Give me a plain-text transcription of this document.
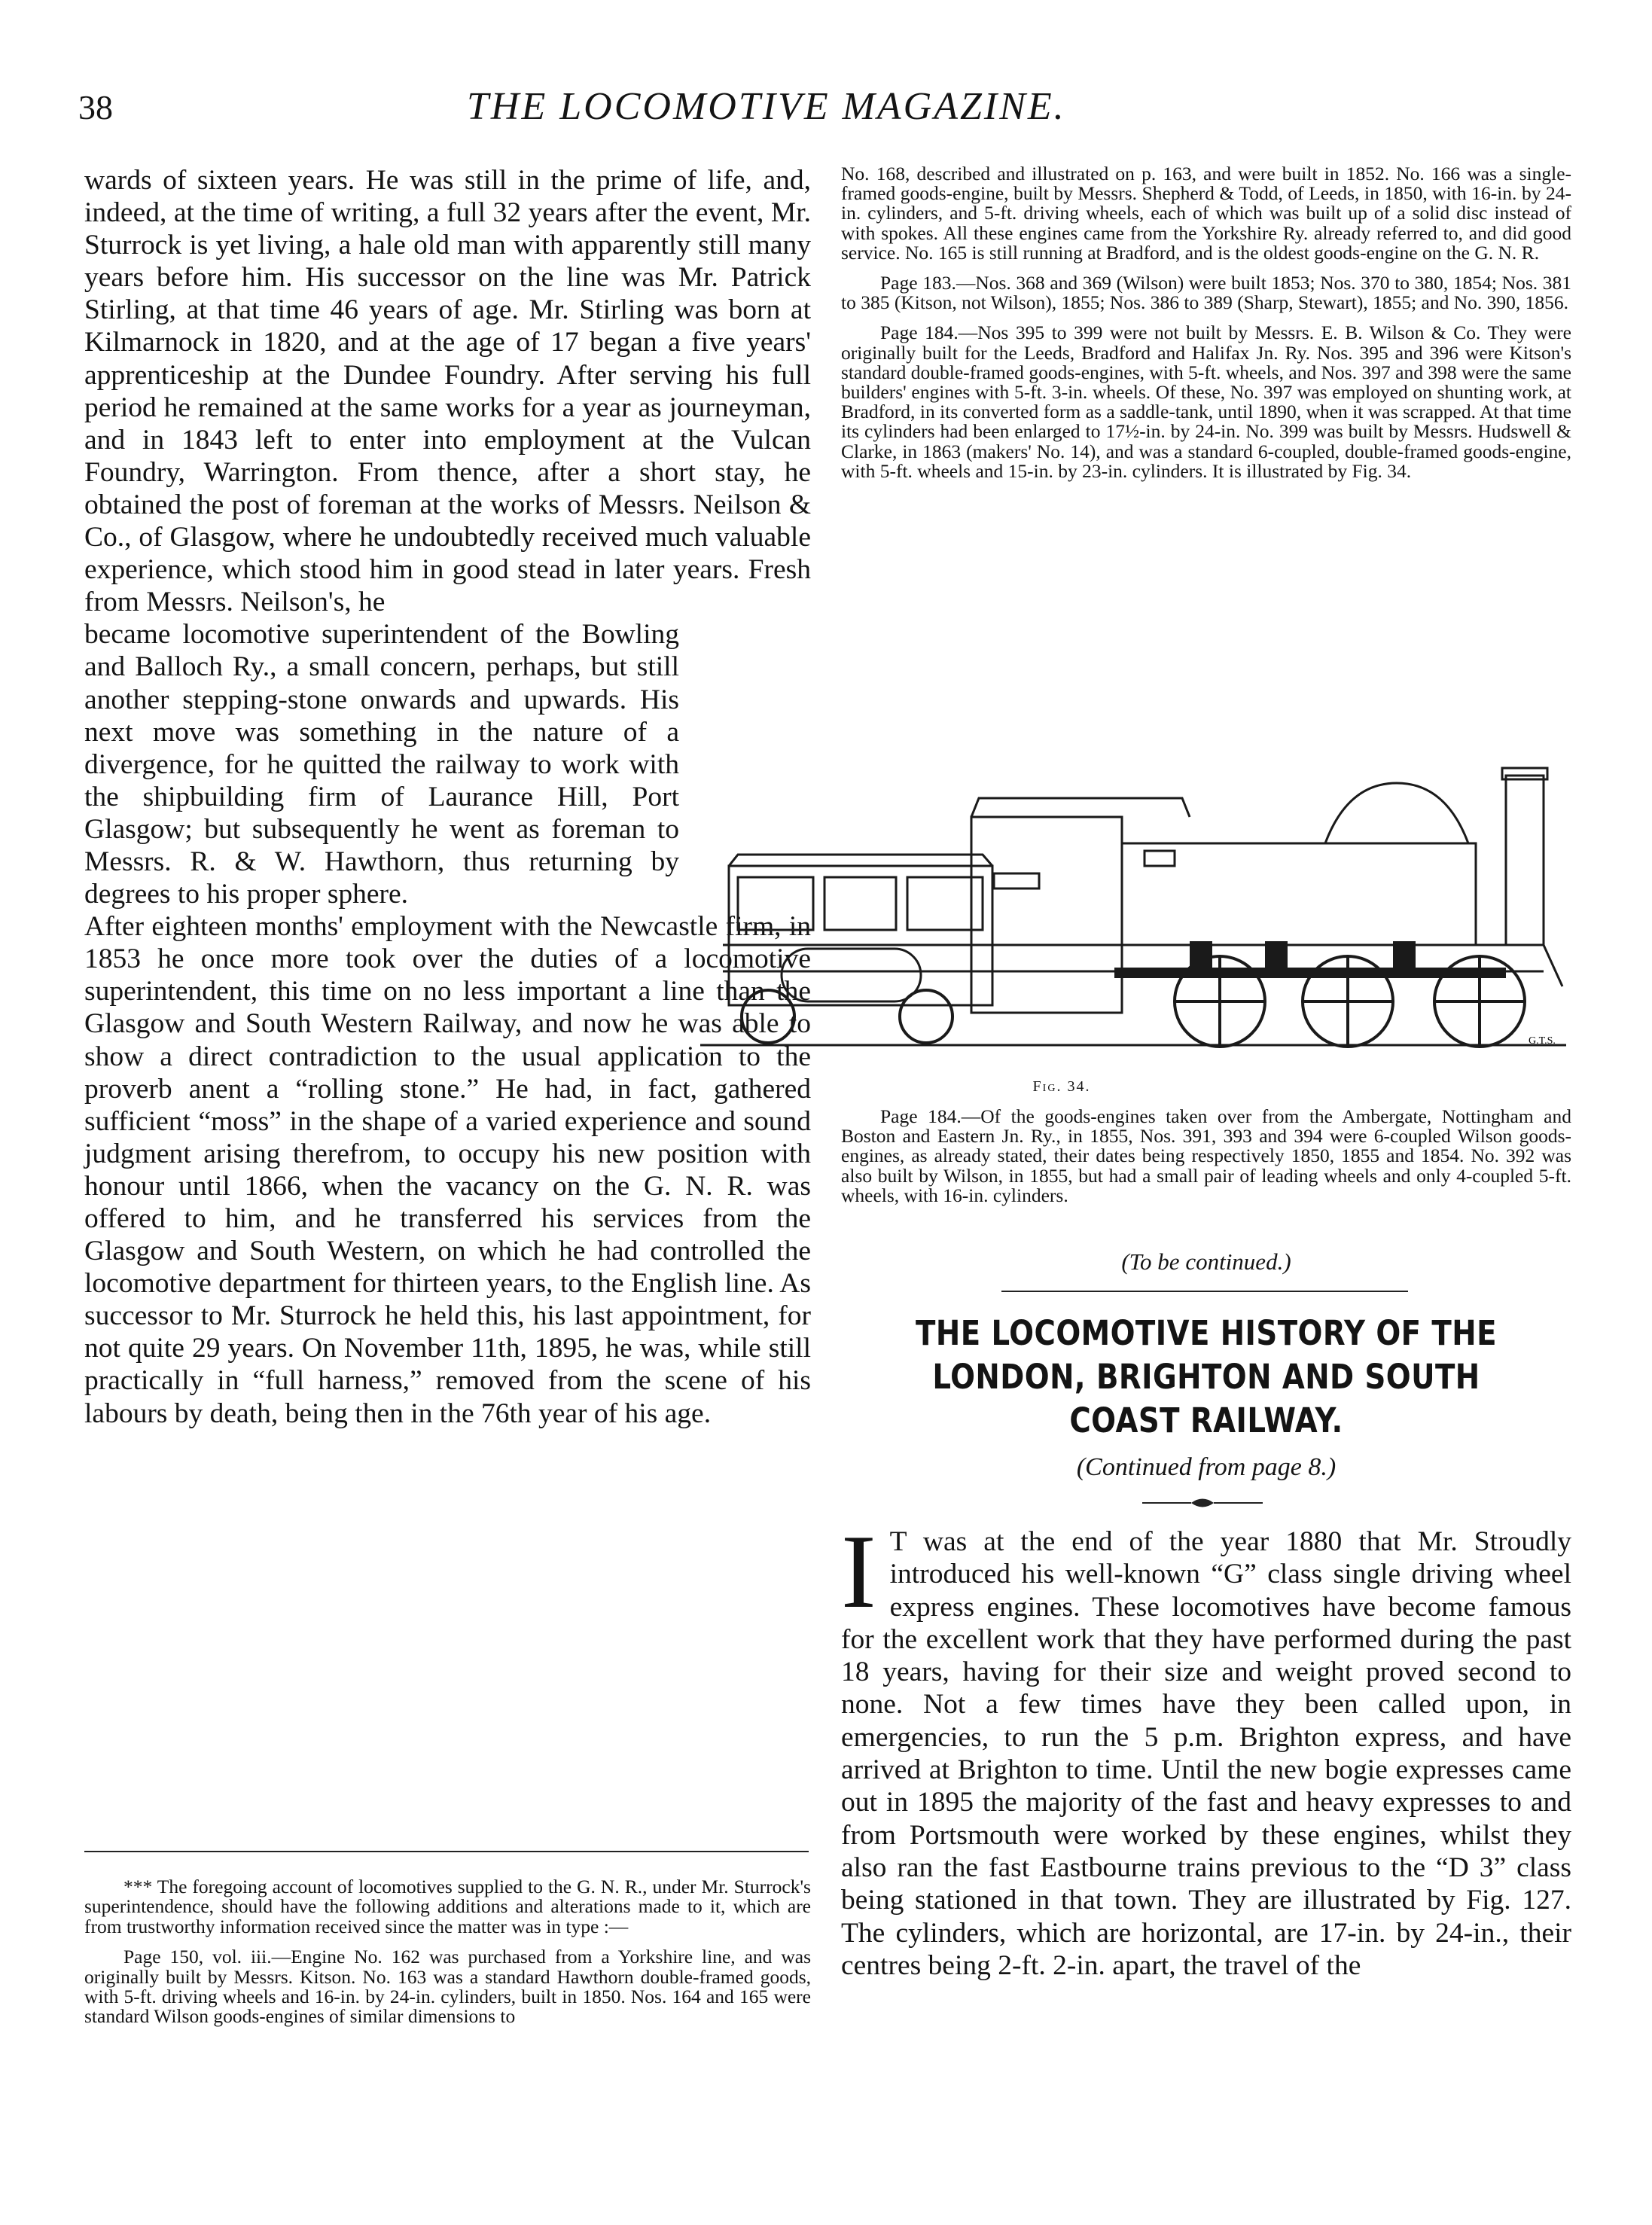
38	THE LOCOMOTIVE MAGAZINE.

wards of sixteen years. He was still in the prime of life, and, indeed, at the time of writing, a full 32 years after the event, Mr. Sturrock is yet living, a hale old man with apparently still many years before him. His successor on the line was Mr. Patrick Stirling, at that time 46 years of age. Mr. Stirling was born at Kilmarnock in 1820, and at the age of 17 began a five years' apprenticeship at the Dundee Foundry. After serving his full period he remained at the same works for a year as journeyman, and in 1843 left to enter into employment at the Vulcan Foundry, Warrington. From thence, after a short stay, he obtained the post of foreman at the works of Messrs. Neilson & Co., of Glasgow, where he undoubtedly received much valuable experience, which stood him in good stead in later years. Fresh from Messrs. Neilson's, he

became locomotive superintendent of the Bowling and Balloch Ry., a small concern, perhaps, but still another stepping-stone onwards and upwards. His next move was something in the nature of a divergence, for he quitted the railway to work with the shipbuilding firm of Laurance Hill, Port Glasgow; but subsequently he went as foreman to Messrs. R. & W. Hawthorn, thus returning by degrees to his proper sphere.

After eighteen months' employment with the Newcastle firm, in 1853 he once more took over the duties of a locomotive superintendent, this time on no less important a line than the Glasgow and South Western Railway, and now he was able to show a direct contradiction to the usual application to the proverb anent a “rolling stone.” He had, in fact, gathered sufficient “moss” in the shape of a varied experience and sound judgment arising therefrom, to occupy his new position with honour until 1866, when the vacancy on the G. N. R. was offered to him, and he transferred his services from the Glasgow and South Western, on which he had controlled the locomotive department for thirteen years, to the English line. As successor to Mr. Sturrock he held this, his last appointment, for not quite 29 years. On November 11th, 1895, he was, while still practically in “full harness,” removed from the scene of his labours by death, being then in the 76th year of his age.

*** The foregoing account of locomotives supplied to the G. N. R., under Mr. Sturrock's superintendence, should have the following additions and alterations made to it, which are from trustworthy information received since the matter was in type :—

Page 150, vol. iii.—Engine No. 162 was purchased from a Yorkshire line, and was originally built by Messrs. Kitson. No. 163 was a standard Hawthorn double-framed goods, with 5-ft. driving wheels and 16-in. by 24-in. cylinders, built in 1850. Nos. 164 and 165 were standard Wilson goods-engines of similar dimensions to

No. 168, described and illustrated on p. 163, and were built in 1852. No. 166 was a single-framed goods-engine, built by Messrs. Shepherd & Todd, of Leeds, in 1850, with 16-in. by 24-in. cylinders, and 5-ft. driving wheels, each of which was built up of a solid disc instead of with spokes. All these engines came from the Yorkshire Ry. already referred to, and did good service. No. 165 is still running at Bradford, and is the oldest goods-engine on the G. N. R.

Page 183.—Nos. 368 and 369 (Wilson) were built 1853; Nos. 370 to 380, 1854; Nos. 381 to 385 (Kitson, not Wilson), 1855; Nos. 386 to 389 (Sharp, Stewart), 1855; and No. 390, 1856.

Page 184.—Nos 395 to 399 were not built by Messrs. E. B. Wilson & Co. They were originally built for the Leeds, Bradford and Halifax Jn. Ry. Nos. 395 and 396 were Kitson's standard double-framed goods-engines, with 5-ft. wheels, and Nos. 397 and 398 were the same builders' engines with 5-ft. 3-in. wheels. Of these, No. 397 was employed on shunting work, at Bradford, in its converted form as a saddle-tank, until 1890, when it was scrapped. At that time its cylinders had been enlarged to 17½-in. by 24-in. No. 399 was built by Messrs. Hudswell & Clarke, in 1863 (makers' No. 14), and was a standard 6-coupled, double-framed goods-engine, with 5-ft. wheels and 15-in. by 23-in. cylinders. It is illustrated by Fig. 34.

G.T.S.
Fig. 34.

Page 184.—Of the goods-engines taken over from the Ambergate, Nottingham and Boston and Eastern Jn. Ry., in 1855, Nos. 391, 393 and 394 were 6-coupled Wilson goods-engines, as already stated, their dates being respectively 1850, 1855 and 1854. No. 392 was also built by Wilson, in 1855, but had a small pair of leading wheels and only 4-coupled 5-ft. wheels, with 16-in. cylinders.

(To be continued.)
THE LOCOMOTIVE HISTORY OF THE LONDON, BRIGHTON AND SOUTH COAST RAILWAY.
(Continued from page 8.)
I T was at the end of the year 1880 that Mr. Stroudly introduced his well-known “G” class single driving wheel express engines. These locomotives have become famous for the excellent work that they have performed during the past 18 years, having for their size and weight proved second to none. Not a few times have they been called upon, in emergencies, to run the 5 p.m. Brighton express, and have arrived at Brighton to time. Until the new bogie expresses came out in 1895 the majority of the fast and heavy expresses to and from Portsmouth were worked by these engines, whilst they also ran the fast Eastbourne trains previous to the “D 3” class being stationed in that town. They are illustrated by Fig. 127. The cylinders, which are horizontal, are 17-in. by 24-in., their centres being 2-ft. 2-in. apart, the travel of the
